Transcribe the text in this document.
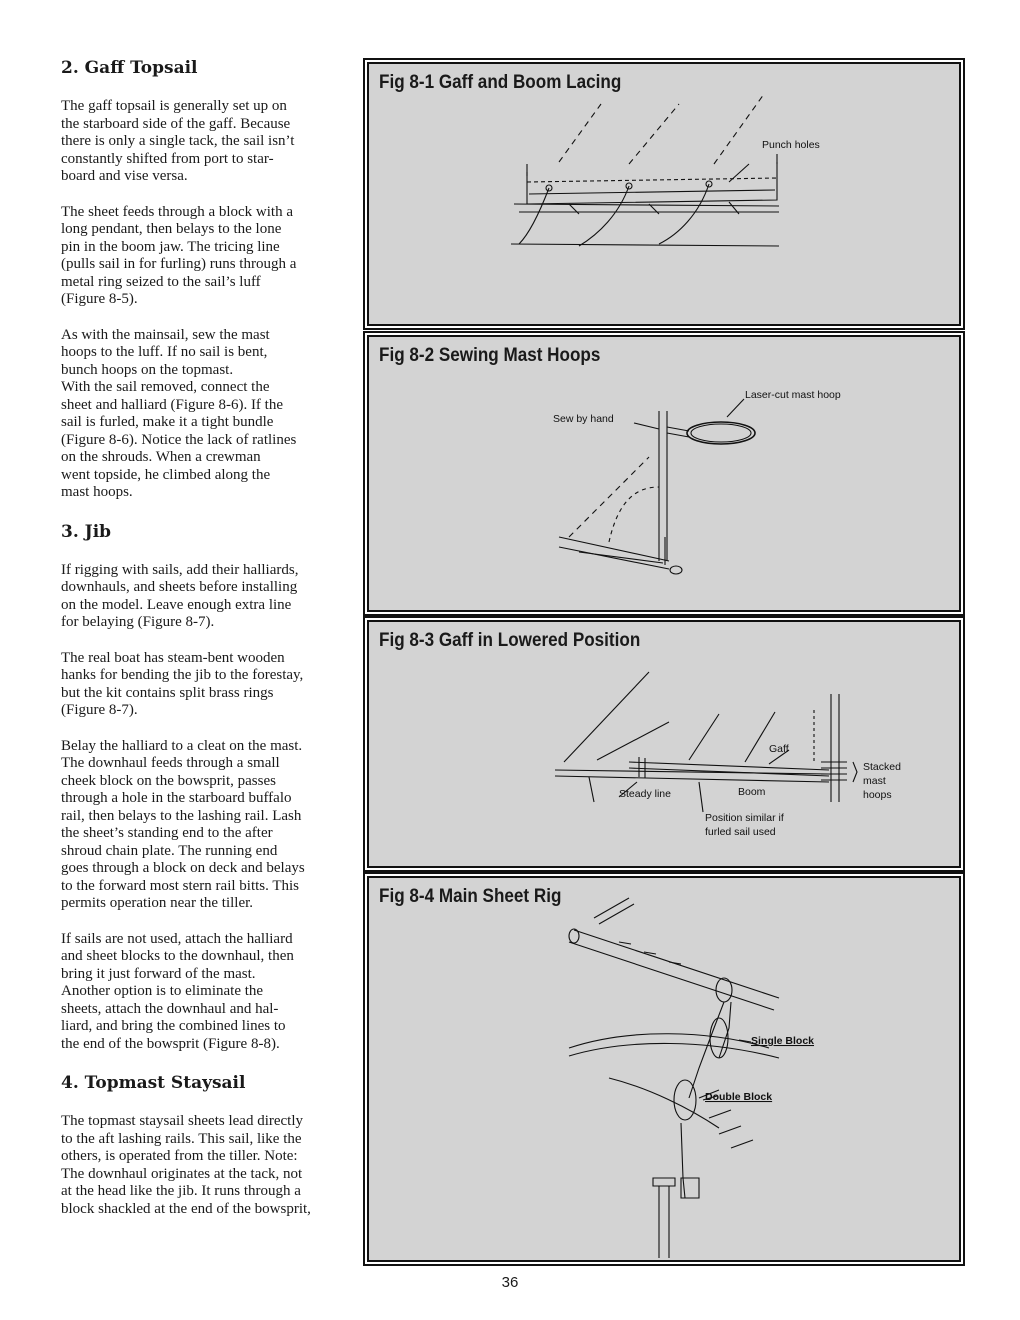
2. Gaff Topsail

The gaff topsail is generally set up on
the starboard side of the gaff. Because
there is only a single tack, the sail isn’t
constantly shifted from port to star-
board and vise versa.

The sheet feeds through a block with a
long pendant, then belays to the lone
pin in the boom jaw. The tricing line
(pulls sail in for furling) runs through a
metal ring seized to the sail’s luff
(Figure 8-5).

As with the mainsail, sew the mast
hoops to the luff. If no sail is bent,
bunch hoops on the topmast.
With the sail removed, connect the
sheet and halliard (Figure 8-6). If the
sail is furled, make it a tight bundle
(Figure 8-6). Notice the lack of ratlines
on the shrouds. When a crewman
went topside, he climbed along the
mast hoops.

3. Jib

If rigging with sails, add their halliards,
downhauls, and sheets before installing
on the model. Leave enough extra line
for belaying (Figure 8-7).

The real boat has steam-bent wooden
hanks for bending the jib to the forestay,
but the kit contains split brass rings
(Figure 8-7).

Belay the halliard to a cleat on the mast.
The downhaul feeds through a small
cheek block on the bowsprit, passes
through a hole in the starboard buffalo
rail, then belays to the lashing rail. Lash
the sheet’s standing end to the after
shroud chain plate. The running end
goes through a block on deck and belays
to the forward most stern rail bitts. This
permits operation near the tiller.

If sails are not used, attach the halliard
and sheet blocks to the downhaul, then
bring it just forward of the mast.
Another option is to eliminate the
sheets, attach the downhaul and hal-
liard, and bring the combined lines to
the end of the bowsprit (Figure 8-8).

4. Topmast Staysail

The topmast staysail sheets lead directly
to the aft lashing rails. This sail, like the
others, is operated from the tiller. Note:
The downhaul originates at the tack, not
at the head like the jib. It runs through a
block shackled at the end of the bowsprit,

Fig 8-1 Gaff and Boom Lacing
Punch holes
Fig 8-2 Sewing Mast Hoops
Laser-cut mast hoop
Sew by hand
Fig 8-3 Gaff in Lowered Position
Gaff
Stacked
mast
hoops
Steady line	Boom
Position similar if
furled sail used
Fig 8-4 Main Sheet Rig
Single Block
Double Block
36
